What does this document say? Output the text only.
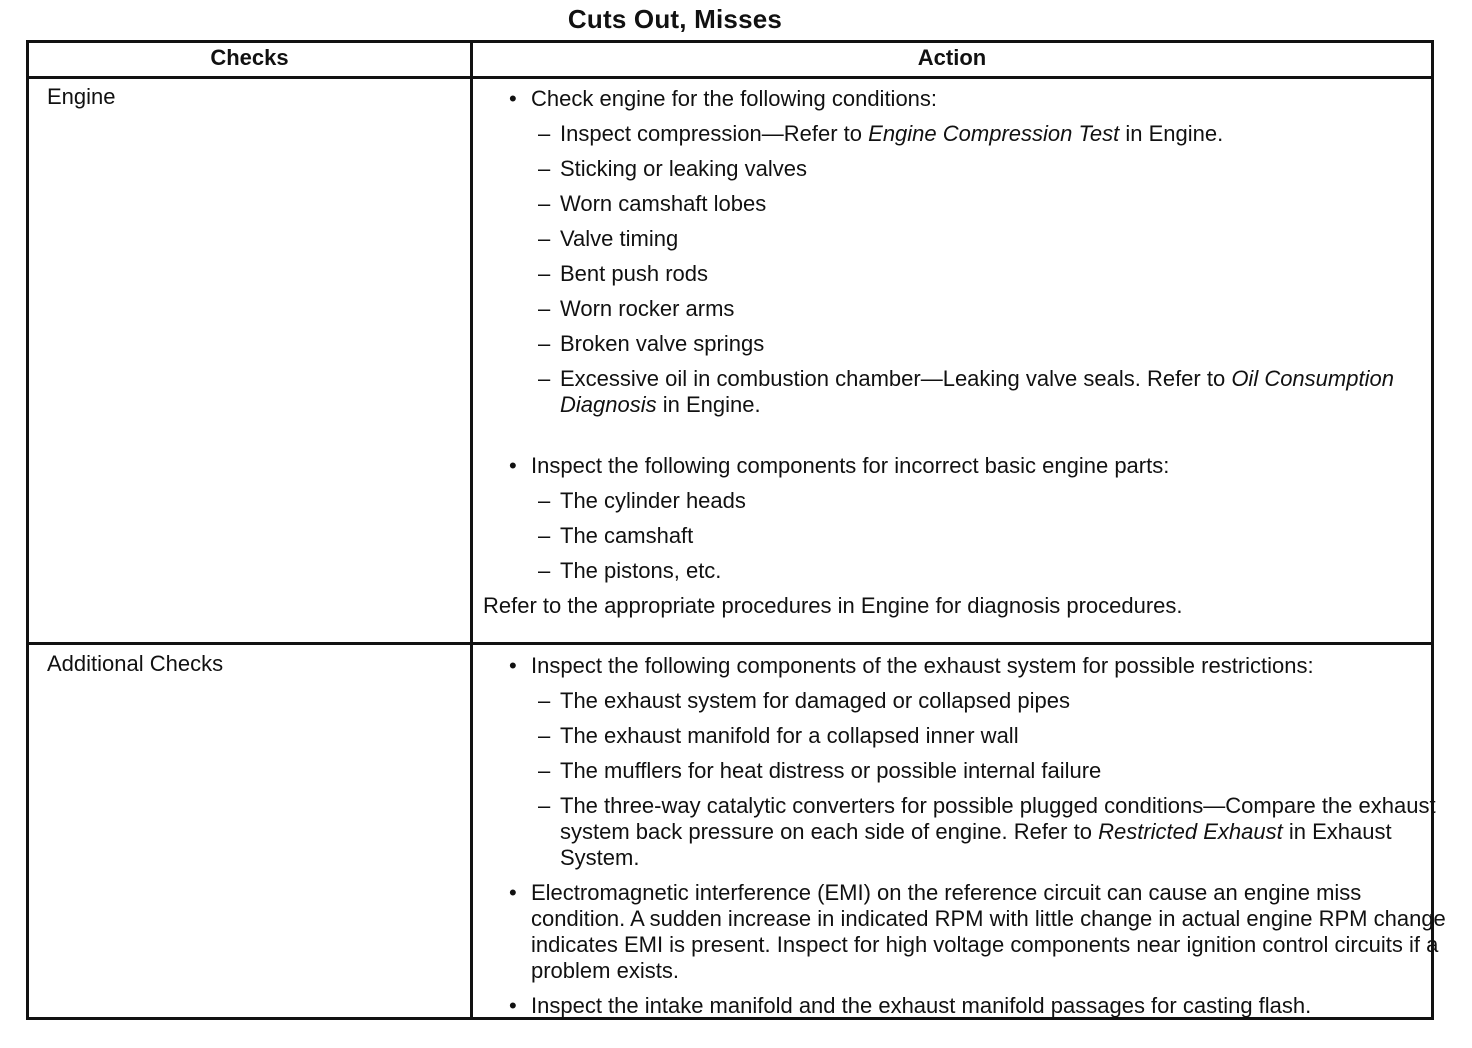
Cuts Out, Misses
Checks	Action
Engine	• Check engine for the following conditions:
– Inspect compression—Refer to Engine Compression Test in Engine.
– Sticking or leaking valves
– Worn camshaft lobes
– Valve timing
– Bent push rods
– Worn rocker arms
– Broken valve springs
– Excessive oil in combustion chamber—Leaking valve seals. Refer to Oil Consumption Diagnosis in Engine.
• Inspect the following components for incorrect basic engine parts:
– The cylinder heads
– The camshaft
– The pistons, etc.
Refer to the appropriate procedures in Engine for diagnosis procedures.
Additional Checks	• Inspect the following components of the exhaust system for possible restrictions:
– The exhaust system for damaged or collapsed pipes
– The exhaust manifold for a collapsed inner wall
– The mufflers for heat distress or possible internal failure
– The three-way catalytic converters for possible plugged conditions—Compare the exhaust system back pressure on each side of engine. Refer to Restricted Exhaust in Exhaust System.
• Electromagnetic interference (EMI) on the reference circuit can cause an engine miss condition. A sudden increase in indicated RPM with little change in actual engine RPM change indicates EMI is present. Inspect for high voltage components near ignition control circuits if a problem exists.
• Inspect the intake manifold and the exhaust manifold passages for casting flash.
